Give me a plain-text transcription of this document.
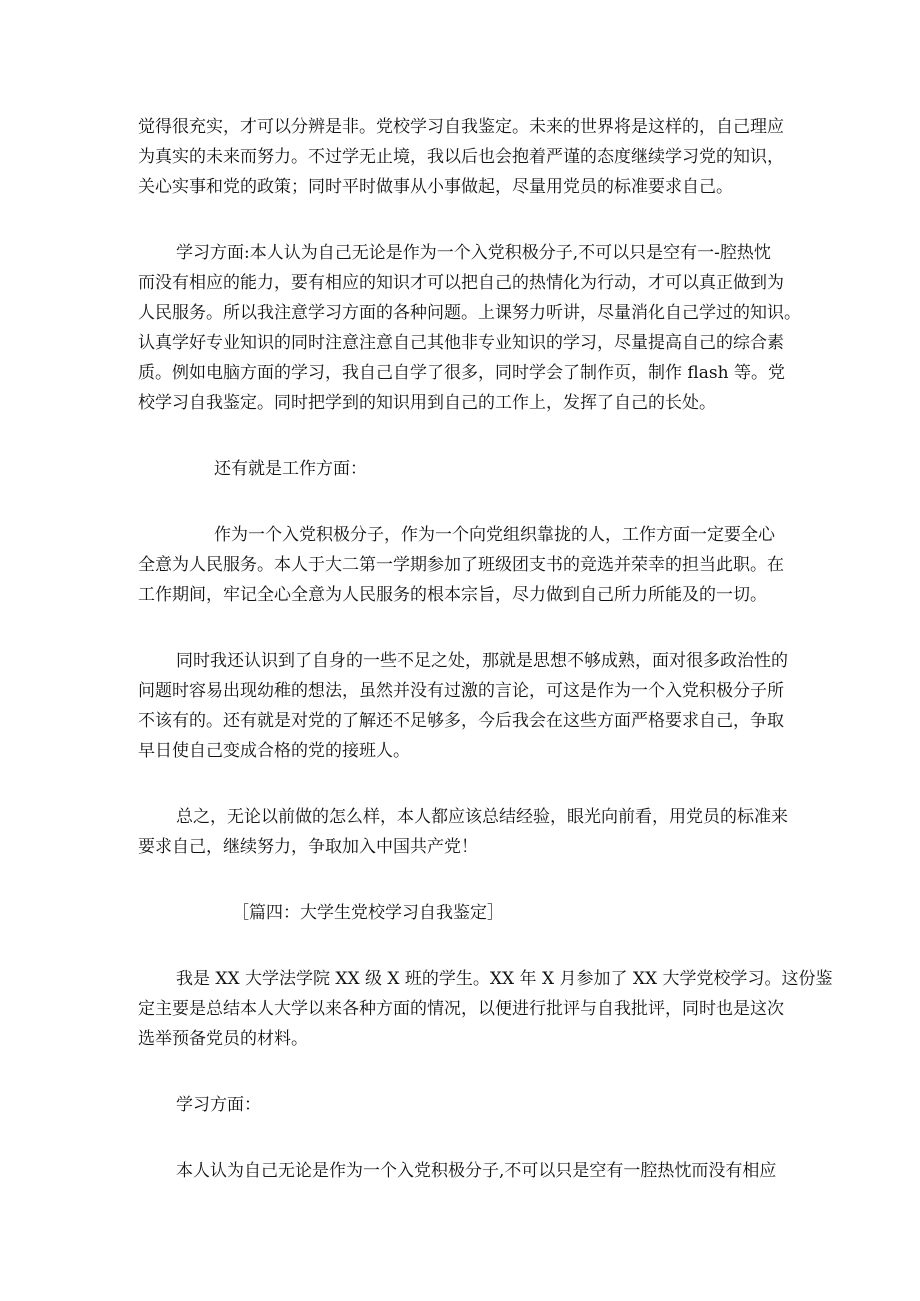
觉得很充实，才可以分辨是非。党校学习自我鉴定。未来的世界将是这样的，自己理应
为真实的未来而努力。不过学无止境，我以后也会抱着严谨的态度继续学习党的知识，
关心实事和党的政策；同时平时做事从小事做起，尽量用党员的标准要求自己。
学习方面:本人认为自己无论是作为一个入党积极分子,不可以只是空有一-腔热忱
而没有相应的能力，要有相应的知识才可以把自己的热情化为行动，才可以真正做到为
人民服务。所以我注意学习方面的各种问题。上课努力听讲，尽量消化自己学过的知识。
认真学好专业知识的同时注意注意自己其他非专业知识的学习，尽量提高自己的综合素
质。例如电脑方面的学习，我自己自学了很多，同时学会了制作页，制作 flash 等。党
校学习自我鉴定。同时把学到的知识用到自己的工作上，发挥了自己的长处。
还有就是工作方面：
作为一个入党积极分子，作为一个向党组织靠拢的人，工作方面一定要全心
全意为人民服务。本人于大二第一学期参加了班级团支书的竞选并荣幸的担当此职。在
工作期间，牢记全心全意为人民服务的根本宗旨，尽力做到自己所力所能及的一切。
同时我还认识到了自身的一些不足之处，那就是思想不够成熟，面对很多政治性的
问题时容易出现幼稚的想法，虽然并没有过激的言论，可这是作为一个入党积极分子所
不该有的。还有就是对党的了解还不足够多，今后我会在这些方面严格要求自己，争取
早日使自己变成合格的党的接班人。
总之，无论以前做的怎么样，本人都应该总结经验，眼光向前看，用党员的标准来
要求自己，继续努力，争取加入中国共产党！
［篇四：大学生党校学习自我鉴定］
我是 XX 大学法学院 XX 级 X 班的学生。XX 年 X 月参加了 XX 大学党校学习。这份鉴
定主要是总结本人大学以来各种方面的情况，以便进行批评与自我批评，同时也是这次
选举预备党员的材料。
学习方面：
本人认为自己无论是作为一个入党积极分子,不可以只是空有一腔热忱而没有相应
